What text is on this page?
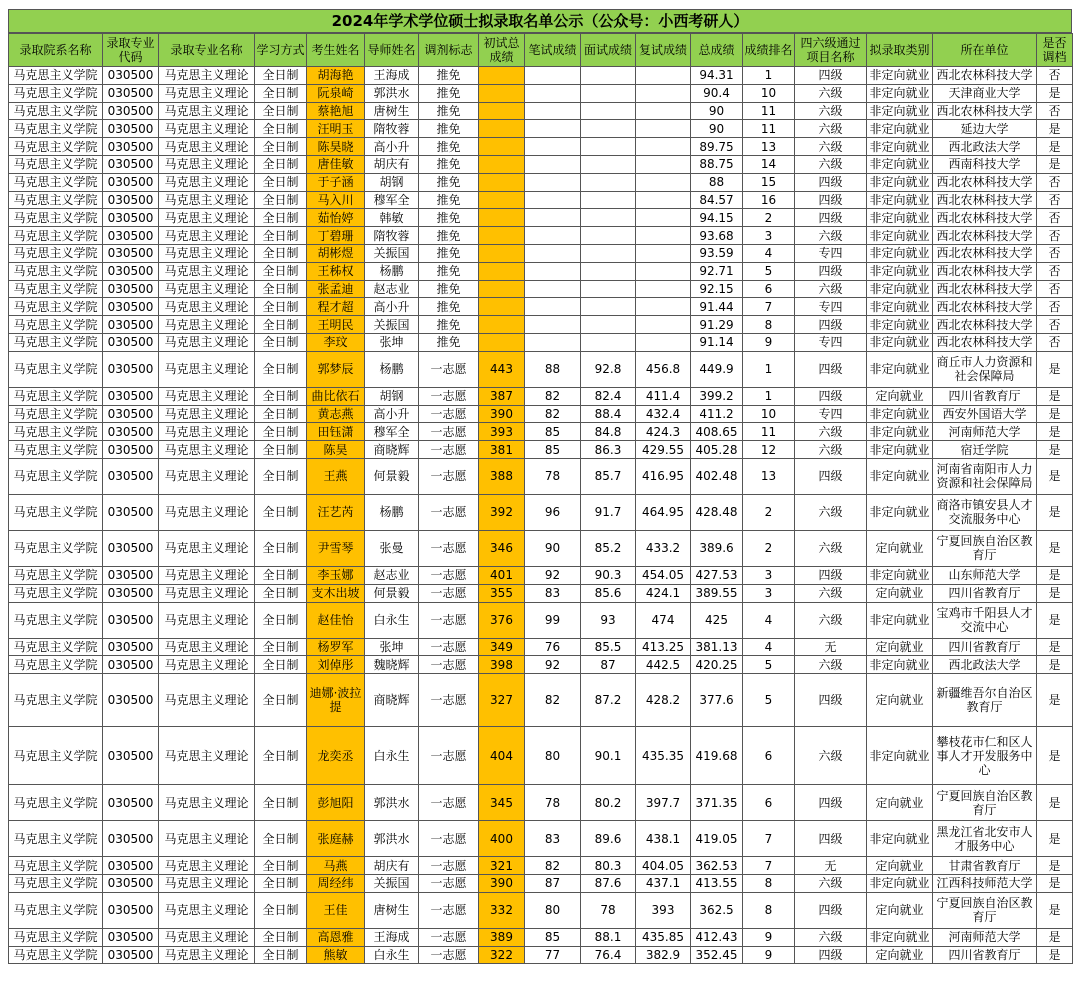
2024年学术学位硕士拟录取名单公示（公众号：小西考研人）
录取院系名称	录取专业代码	录取专业名称	学习方式	考生姓名	导师姓名	调剂标志	初试总成绩	笔试成绩	面试成绩	复试成绩	总成绩	成绩排名	四六级通过项目名称	拟录取类别	所在单位	是否调档
马克思主义学院	030500	马克思主义理论	全日制	胡海艳	王海成	推免					94.31	1	四级	非定向就业	西北农林科技大学	否
马克思主义学院	030500	马克思主义理论	全日制	阮泉崎	郭洪水	推免					90.4	10	六级	非定向就业	天津商业大学	是
马克思主义学院	030500	马克思主义理论	全日制	蔡艳旭	唐树生	推免					90	11	六级	非定向就业	西北农林科技大学	否
马克思主义学院	030500	马克思主义理论	全日制	汪明玉	隋牧蓉	推免					90	11	六级	非定向就业	延边大学	是
马克思主义学院	030500	马克思主义理论	全日制	陈昊晓	高小升	推免					89.75	13	六级	非定向就业	西北政法大学	是
马克思主义学院	030500	马克思主义理论	全日制	唐佳敏	胡庆有	推免					88.75	14	六级	非定向就业	西南科技大学	是
马克思主义学院	030500	马克思主义理论	全日制	于子涵	胡钢	推免					88	15	四级	非定向就业	西北农林科技大学	否
马克思主义学院	030500	马克思主义理论	全日制	马入川	穆军全	推免					84.57	16	四级	非定向就业	西北农林科技大学	否
马克思主义学院	030500	马克思主义理论	全日制	茹怡婷	韩敏	推免					94.15	2	四级	非定向就业	西北农林科技大学	否
马克思主义学院	030500	马克思主义理论	全日制	丁碧珊	隋牧蓉	推免					93.68	3	六级	非定向就业	西北农林科技大学	否
马克思主义学院	030500	马克思主义理论	全日制	胡彬煜	关振国	推免					93.59	4	专四	非定向就业	西北农林科技大学	否
马克思主义学院	030500	马克思主义理论	全日制	王秭权	杨鹏	推免					92.71	5	四级	非定向就业	西北农林科技大学	否
马克思主义学院	030500	马克思主义理论	全日制	张孟迪	赵志业	推免					92.15	6	六级	非定向就业	西北农林科技大学	否
马克思主义学院	030500	马克思主义理论	全日制	程才超	高小升	推免					91.44	7	专四	非定向就业	西北农林科技大学	否
马克思主义学院	030500	马克思主义理论	全日制	王明民	关振国	推免					91.29	8	四级	非定向就业	西北农林科技大学	否
马克思主义学院	030500	马克思主义理论	全日制	李玟	张坤	推免					91.14	9	专四	非定向就业	西北农林科技大学	否
马克思主义学院	030500	马克思主义理论	全日制	郭梦辰	杨鹏	一志愿	443	88	92.8	456.8	449.9	1	四级	非定向就业	商丘市人力资源和社会保障局	是
马克思主义学院	030500	马克思主义理论	全日制	曲比依石	胡钢	一志愿	387	82	82.4	411.4	399.2	1	四级	定向就业	四川省教育厅	是
马克思主义学院	030500	马克思主义理论	全日制	黄志燕	高小升	一志愿	390	82	88.4	432.4	411.2	10	专四	非定向就业	西安外国语大学	是
马克思主义学院	030500	马克思主义理论	全日制	田钰潇	穆军全	一志愿	393	85	84.8	424.3	408.65	11	六级	非定向就业	河南师范大学	是
马克思主义学院	030500	马克思主义理论	全日制	陈昊	商晓辉	一志愿	381	85	86.3	429.55	405.28	12	六级	非定向就业	宿迁学院	是
马克思主义学院	030500	马克思主义理论	全日制	王燕	何景毅	一志愿	388	78	85.7	416.95	402.48	13	四级	非定向就业	河南省南阳市人力资源和社会保障局	是
马克思主义学院	030500	马克思主义理论	全日制	汪艺芮	杨鹏	一志愿	392	96	91.7	464.95	428.48	2	六级	非定向就业	商洛市镇安县人才交流服务中心	是
马克思主义学院	030500	马克思主义理论	全日制	尹雪琴	张曼	一志愿	346	90	85.2	433.2	389.6	2	六级	定向就业	宁夏回族自治区教育厅	是
马克思主义学院	030500	马克思主义理论	全日制	李玉娜	赵志业	一志愿	401	92	90.3	454.05	427.53	3	四级	非定向就业	山东师范大学	是
马克思主义学院	030500	马克思主义理论	全日制	支木出坡	何景毅	一志愿	355	83	85.6	424.1	389.55	3	六级	定向就业	四川省教育厅	是
马克思主义学院	030500	马克思主义理论	全日制	赵佳怡	白永生	一志愿	376	99	93	474	425	4	六级	非定向就业	宝鸡市千阳县人才交流中心	是
马克思主义学院	030500	马克思主义理论	全日制	杨罗军	张坤	一志愿	349	76	85.5	413.25	381.13	4	无	定向就业	四川省教育厅	是
马克思主义学院	030500	马克思主义理论	全日制	刘倬彤	魏晓辉	一志愿	398	92	87	442.5	420.25	5	六级	非定向就业	西北政法大学	是
马克思主义学院	030500	马克思主义理论	全日制	迪娜·波拉提	商晓辉	一志愿	327	82	87.2	428.2	377.6	5	四级	定向就业	新疆维吾尔自治区教育厅	是
马克思主义学院	030500	马克思主义理论	全日制	龙奕丞	白永生	一志愿	404	80	90.1	435.35	419.68	6	六级	非定向就业	攀枝花市仁和区人事人才开发服务中心	是
马克思主义学院	030500	马克思主义理论	全日制	彭旭阳	郭洪水	一志愿	345	78	80.2	397.7	371.35	6	四级	定向就业	宁夏回族自治区教育厅	是
马克思主义学院	030500	马克思主义理论	全日制	张庭赫	郭洪水	一志愿	400	83	89.6	438.1	419.05	7	四级	非定向就业	黑龙江省北安市人才服务中心	是
马克思主义学院	030500	马克思主义理论	全日制	马燕	胡庆有	一志愿	321	82	80.3	404.05	362.53	7	无	定向就业	甘肃省教育厅	是
马克思主义学院	030500	马克思主义理论	全日制	周经纬	关振国	一志愿	390	87	87.6	437.1	413.55	8	六级	非定向就业	江西科技师范大学	是
马克思主义学院	030500	马克思主义理论	全日制	王佳	唐树生	一志愿	332	80	78	393	362.5	8	四级	定向就业	宁夏回族自治区教育厅	是
马克思主义学院	030500	马克思主义理论	全日制	高恩雅	王海成	一志愿	389	85	88.1	435.85	412.43	9	六级	非定向就业	河南师范大学	是
马克思主义学院	030500	马克思主义理论	全日制	熊敏	白永生	一志愿	322	77	76.4	382.9	352.45	9	四级	定向就业	四川省教育厅	是
